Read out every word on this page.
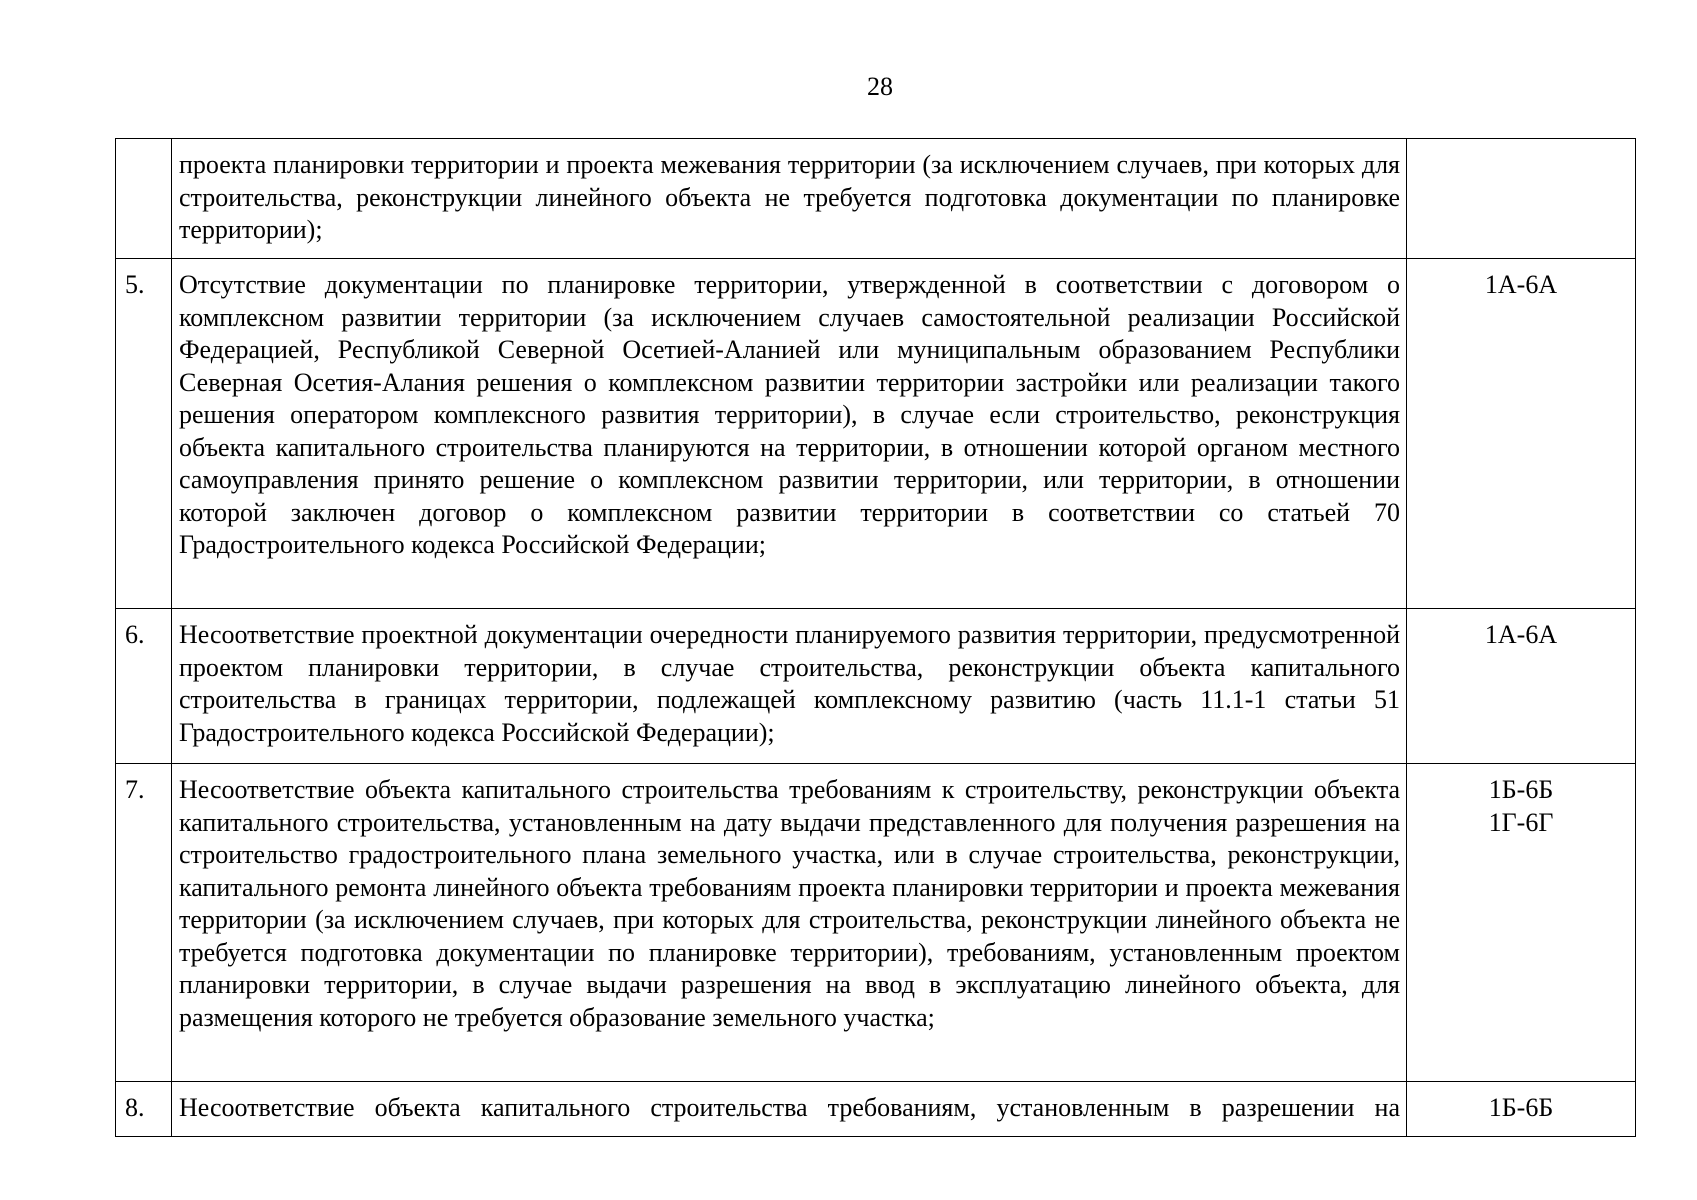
28
	проекта планировки территории и проекта межевания территории (за исключением случаев, при которых для строительства, реконструкции линейного объекта не требуется подготовка документации по планировке территории);	
5.	Отсутствие документации по планировке территории, утвержденной в соответствии с договором о комплексном развитии территории (за исключением случаев самостоятельной реализации Российской Федерацией, Республикой Северной Осетией-Аланией или муниципальным образованием Республики Северная Осетия-Алания решения о комплексном развитии территории застройки или реализации такого решения оператором комплексного развития территории), в случае если строительство, реконструкция объекта капитального строительства планируются на территории, в отношении которой органом местного самоуправления принято решение о комплексном развитии территории, или территории, в отношении которой заключен договор о комплексном развитии территории в соответствии со статьей 70 Градостроительного кодекса Российской Федерации;	1А-6А

6.	Несоответствие проектной документации очередности планируемого развития территории, предусмотренной проектом планировки территории, в случае строительства, реконструкции объекта капитального строительства в границах территории, подлежащей комплексному развитию (часть 11.1-1 статьи 51 Градостроительного кодекса Российской Федерации);	1А-6А

7.	Несоответствие объекта капитального строительства требованиям к строительству, реконструкции объекта капитального строительства, установленным на дату выдачи представленного для получения разрешения на строительство градостроительного плана земельного участка, или в случае строительства, реконструкции, капитального ремонта линейного объекта требованиям проекта планировки территории и проекта межевания территории (за исключением случаев, при которых для строительства, реконструкции линейного объекта не требуется подготовка документации по планировке территории), требованиям, установленным проектом планировки территории, в случае выдачи разрешения на ввод в эксплуатацию линейного объекта, для размещения которого не требуется образование земельного участка;	1Б-6Б
1Г-6Г

8.	Несоответствие объекта капитального строительства требованиям, установленным в разрешении на	1Б-6Б
